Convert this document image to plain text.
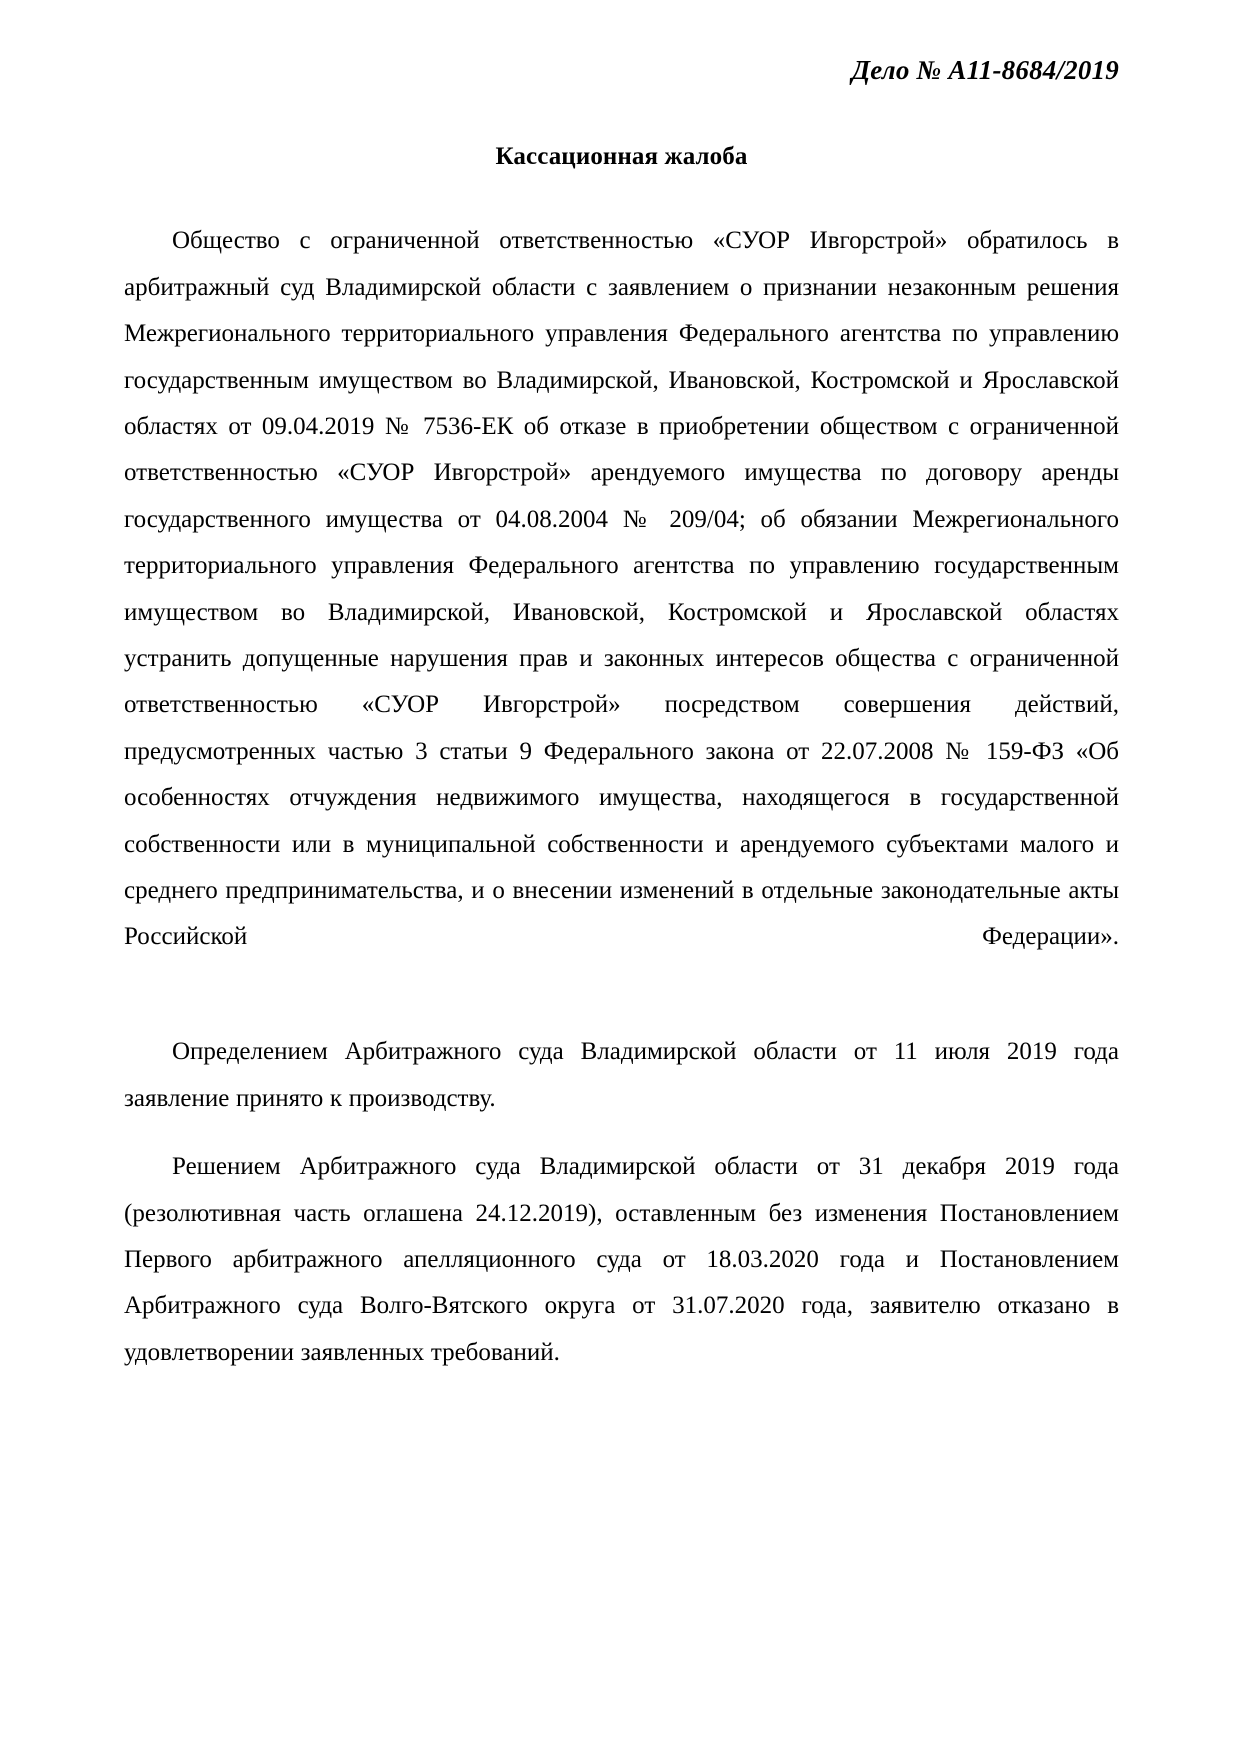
Дело № А11-8684/2019
Кассационная жалоба

Общество с ограниченной ответственностью «СУОР Ивгорстрой» обратилось в арбитражный суд Владимирской области с заявлением о признании незаконным решения Межрегионального территориального управления Федерального агентства по управлению государственным имуществом во Владимирской, Ивановской, Костромской и Ярославской областях от 09.04.2019 № 7536-ЕК об отказе в приобретении обществом с ограниченной ответственностью «СУОР Ивгорстрой» арендуемого имущества по договору аренды государственного имущества от 04.08.2004 № 209/04; об обязании Межрегионального территориального управления Федерального агентства по управлению государственным имуществом во Владимирской, Ивановской, Костромской и Ярославской областях устранить допущенные нарушения прав и законных интересов общества с ограниченной ответственностью «СУОР Ивгорстрой» посредством совершения действий, предусмотренных частью 3 статьи 9 Федерального закона от 22.07.2008 № 159-ФЗ «Об особенностях отчуждения недвижимого имущества, находящегося в государственной собственности или в муниципальной собственности и арендуемого субъектами малого и среднего предпринимательства, и о внесении изменений в отдельные законодательные акты Российской Федерации».

Определением Арбитражного суда Владимирской области от 11 июля 2019 года заявление принято к производству.

Решением Арбитражного суда Владимирской области от 31 декабря 2019 года (резолютивная часть оглашена 24.12.2019), оставленным без изменения Постановлением Первого арбитражного апелляционного суда от 18.03.2020 года и Постановлением Арбитражного суда Волго-Вятского округа от 31.07.2020 года, заявителю отказано в удовлетворении заявленных требований.
